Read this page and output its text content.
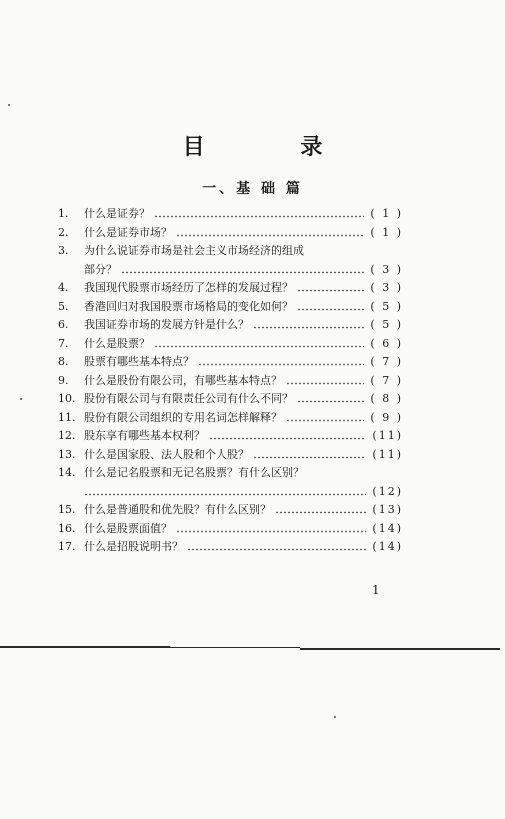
目 录
一、基 础 篇
1. 什么是证券？	( 1 )
2. 什么是证券市场？	( 1 )
3. 为什么说证券市场是社会主义市场经济的组成
部分？	( 3 )
4. 我国现代股票市场经历了怎样的发展过程？	( 3 )
5. 香港回归对我国股票市场格局的变化如何？	( 5 )
6. 我国证券市场的发展方针是什么？	( 5 )
7. 什么是股票？	( 6 )
8. 股票有哪些基本特点？	( 7 )
9. 什么是股份有限公司，有哪些基本特点？	( 7 )
10. 股份有限公司与有限责任公司有什么不同？	( 8 )
11. 股份有限公司组织的专用名词怎样解释？	( 9 )
12. 股东享有哪些基本权利？	(11)
13. 什么是国家股、法人股和个人股？	(11)
14. 什么是记名股票和无记名股票？有什么区别？
(12)
15. 什么是普通股和优先股？有什么区别？	(13)
16. 什么是股票面值？	(14)
17. 什么是招股说明书？	(14)
1
